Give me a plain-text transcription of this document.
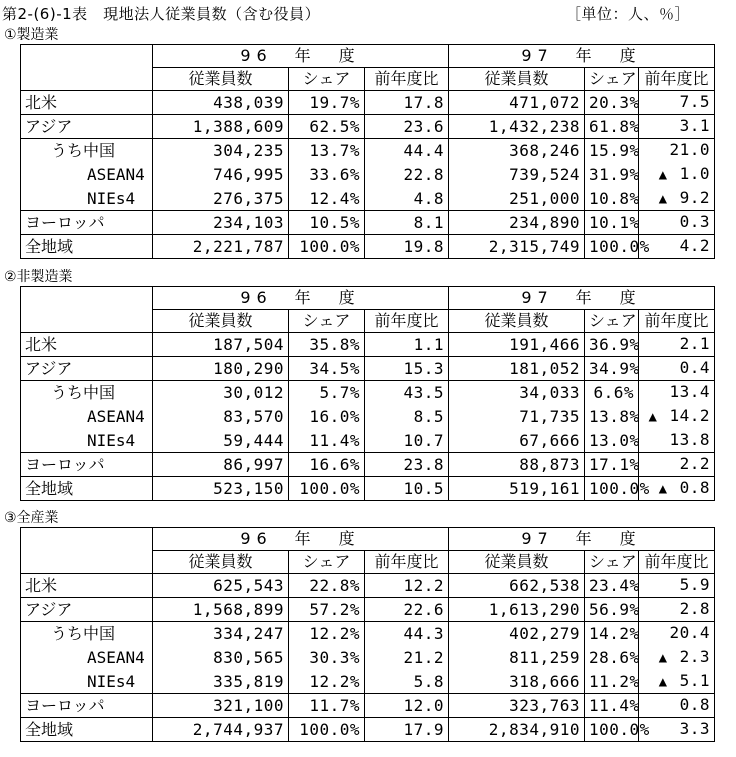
第2-(6)-1表　現地法人従業員数（含む役員）	［単位：人、％］
①製造業
	96　年　度			97　年　度		
	従業員数	シェア	前年度比	従業員数	シェア	前年度比
北米	438,039	19.7%	17.8	471,072	20.3%	7.5
アジア	1,388,609	62.5%	23.6	1,432,238	61.8%	3.1
うち中国	304,235	13.7%	44.4	368,246	15.9%	21.0
ASEAN4	746,995	33.6%	22.8	739,524	31.9%	▲ 1.0
NIEs4	276,375	12.4%	4.8	251,000	10.8%	▲ 9.2
ヨーロッパ	234,103	10.5%	8.1	234,890	10.1%	0.3
全地域	2,221,787	100.0%	19.8	2,315,749	100.0%	4.2
②非製造業
	96　年　度			97　年　度		
	従業員数	シェア	前年度比	従業員数	シェア	前年度比
北米	187,504	35.8%	1.1	191,466	36.9%	2.1
アジア	180,290	34.5%	15.3	181,052	34.9%	0.4
うち中国	30,012	5.7%	43.5	34,033	6.6%	13.4
ASEAN4	83,570	16.0%	8.5	71,735	13.8%	▲ 14.2
NIEs4	59,444	11.4%	10.7	67,666	13.0%	13.8
ヨーロッパ	86,997	16.6%	23.8	88,873	17.1%	2.2
全地域	523,150	100.0%	10.5	519,161	100.0%	▲ 0.8
③全産業
	96　年　度			97　年　度		
	従業員数	シェア	前年度比	従業員数	シェア	前年度比
北米	625,543	22.8%	12.2	662,538	23.4%	5.9
アジア	1,568,899	57.2%	22.6	1,613,290	56.9%	2.8
うち中国	334,247	12.2%	44.3	402,279	14.2%	20.4
ASEAN4	830,565	30.3%	21.2	811,259	28.6%	▲ 2.3
NIEs4	335,819	12.2%	5.8	318,666	11.2%	▲ 5.1
ヨーロッパ	321,100	11.7%	12.0	323,763	11.4%	0.8
全地域	2,744,937	100.0%	17.9	2,834,910	100.0%	3.3
